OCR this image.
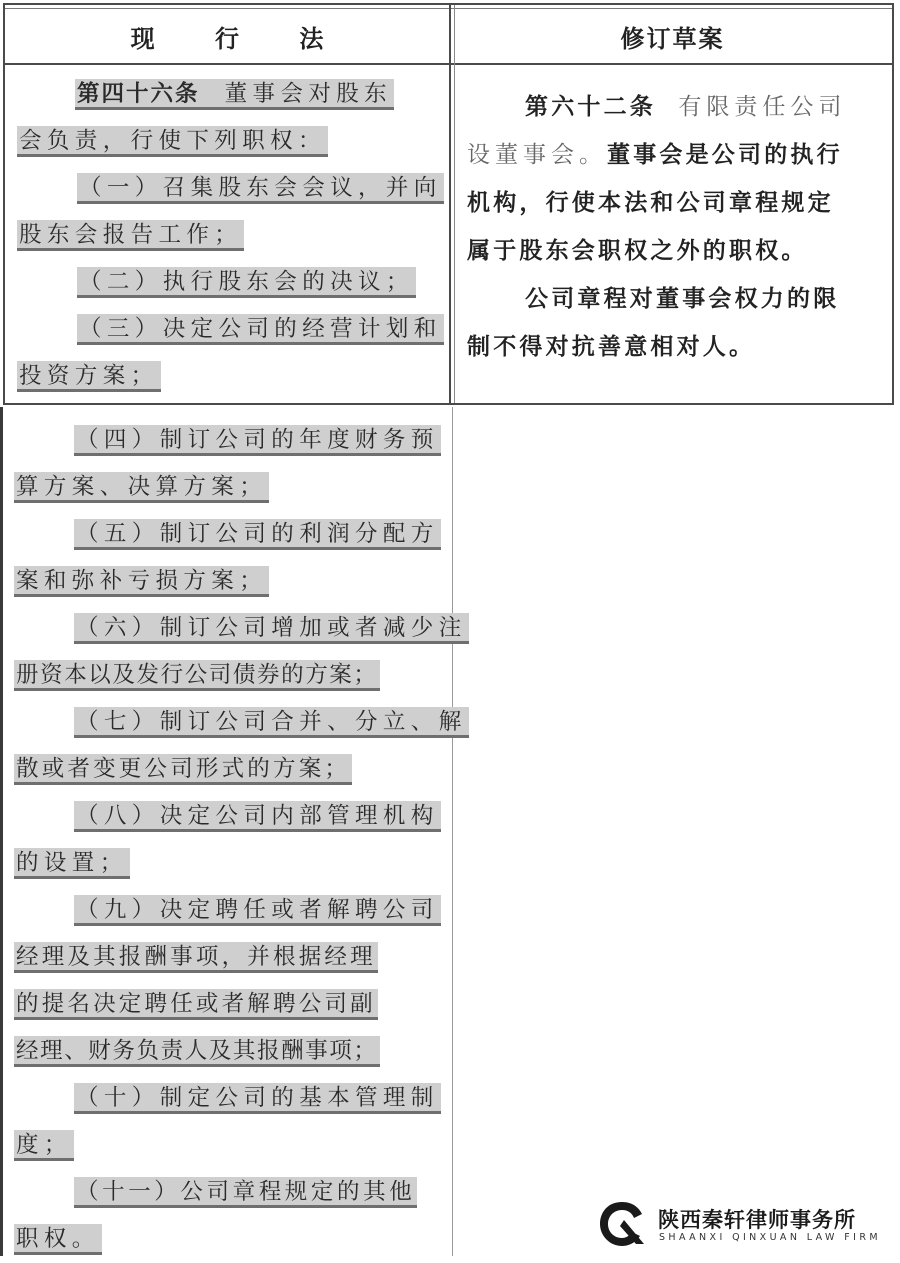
现 行 法	修订草案
第四十六条 董事会对股东
会负责，行使下列职权：
（一）召集股东会会议，并向
股东会报告工作；
（二）执行股东会的决议；
（三）决定公司的经营计划和
投资方案；
第六十二条 有限责任公司
设董事会。董事会是公司的执行
机构，行使本法和公司章程规定
属于股东会职权之外的职权。
公司章程对董事会权力的限
制不得对抗善意相对人。
（四）制订公司的年度财务预
算方案、决算方案；
（五）制订公司的利润分配方
案和弥补亏损方案；
（六）制订公司增加或者减少注
册资本以及发行公司债券的方案；
（七）制订公司合并、分立、解
散或者变更公司形式的方案；
（八）决定公司内部管理机构
的设置；
（九）决定聘任或者解聘公司
经理及其报酬事项，并根据经理
的提名决定聘任或者解聘公司副
经理、财务负责人及其报酬事项；
（十）制定公司的基本管理制
度；
（十一）公司章程规定的其他
职权。
陕西秦轩律师事务所
SHAANXI QINXUAN LAW FIRM
